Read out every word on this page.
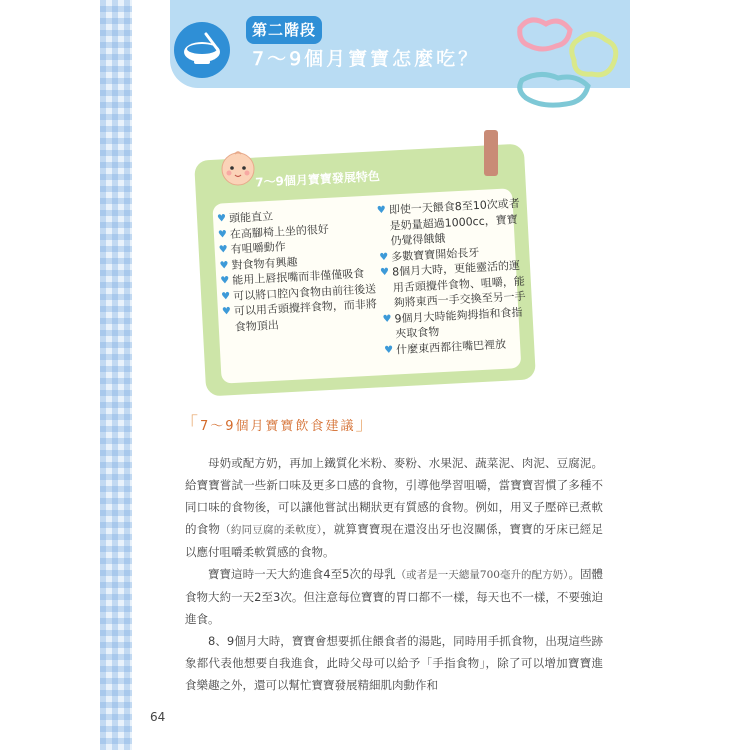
第二階段
7～9個月寶寶怎麼吃？
7～9個月寶寶發展特色
♥ 頭能直立
♥ 在高腳椅上坐的很好
♥ 有咀嚼動作
♥ 對食物有興趣
♥ 能用上唇抿嘴而非僅僅吸食
♥ 可以將口腔內食物由前往後送
♥ 可以用舌頭攪拌食物，而非將食物頂出
♥ 即使一天餵食8至10次或者是奶量超過1000cc，寶寶仍覺得餓餓
♥ 多數寶寶開始長牙
♥ 8個月大時，更能靈活的運用舌頭攪伴食物、咀嚼，能夠將東西一手交換至另一手
♥ 9個月大時能夠拇指和食指夾取食物
♥ 什麼東西都往嘴巴裡放
「7～9個月寶寶飲食建議」

母奶或配方奶，再加上鐵質化米粉、麥粉、水果泥、蔬菜泥、肉泥、豆腐泥。給寶寶嘗試一些新口味及更多口感的食物，引導他學習咀嚼，當寶寶習慣了多種不同口味的食物後，可以讓他嘗試出糊狀更有質感的食物。例如，用叉子壓碎已煮軟的食物（約同豆腐的柔軟度），就算寶寶現在還沒出牙也沒關係，寶寶的牙床已經足以應付咀嚼柔軟質感的食物。

寶寶這時一天大約進食4至5次的母乳（或者是一天總量700毫升的配方奶）。固體食物大約一天2至3次。但注意每位寶寶的胃口都不一樣，每天也不一樣，不要強迫進食。

8、9個月大時，寶寶會想要抓住餵食者的湯匙，同時用手抓食物，出現這些跡象都代表他想要自我進食，此時父母可以給予「手指食物」，除了可以增加寶寶進食樂趣之外，還可以幫忙寶寶發展精細肌肉動作和

64
